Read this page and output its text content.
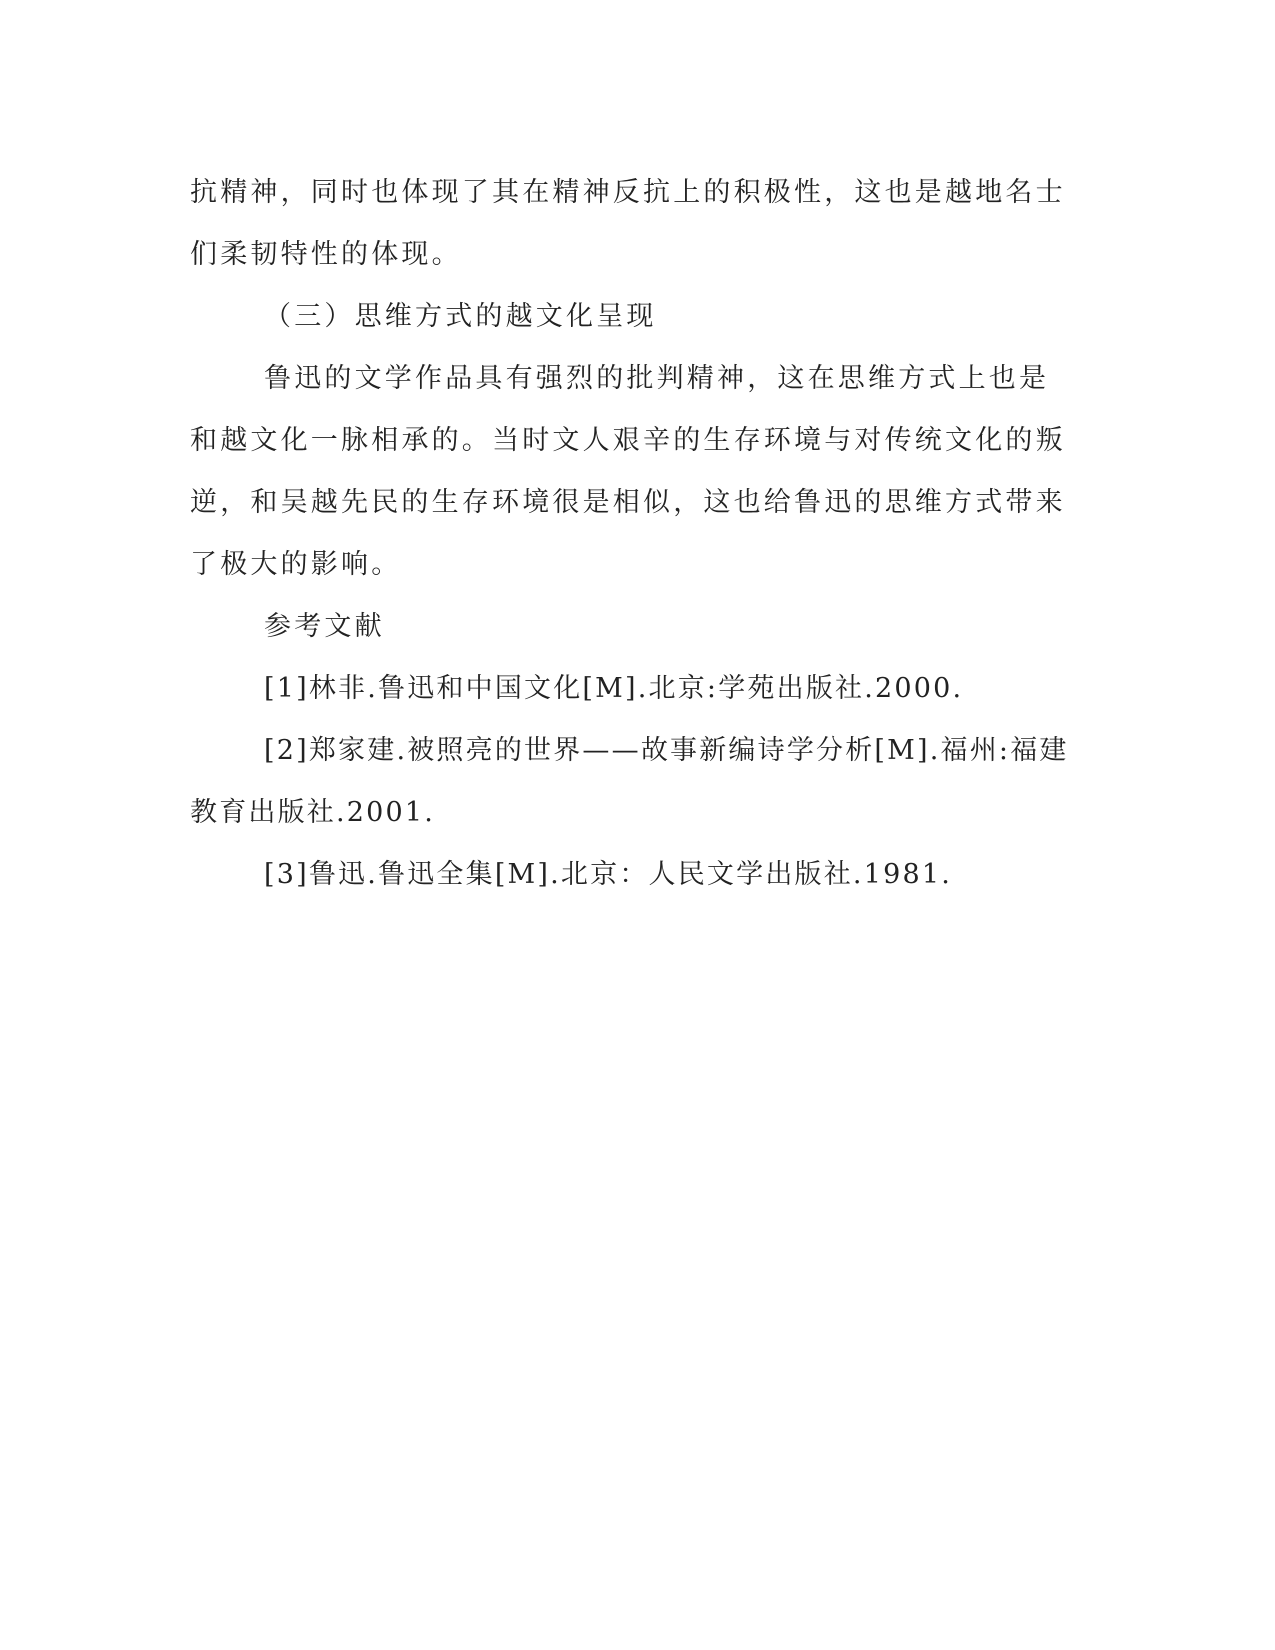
抗精神，同时也体现了其在精神反抗上的积极性，这也是越地名士们柔韧特性的体现。

（三）思维方式的越文化呈现

鲁迅的文学作品具有强烈的批判精神，这在思维方式上也是和越文化一脉相承的。当时文人艰辛的生存环境与对传统文化的叛逆，和吴越先民的生存环境很是相似，这也给鲁迅的思维方式带来了极大的影响。

参考文献

[1]林非.鲁迅和中国文化[M].北京:学苑出版社.2000.

[2]郑家建.被照亮的世界——故事新编诗学分析[M].福州:福建教育出版社.2001.

[3]鲁迅.鲁迅全集[M].北京：人民文学出版社.1981.
